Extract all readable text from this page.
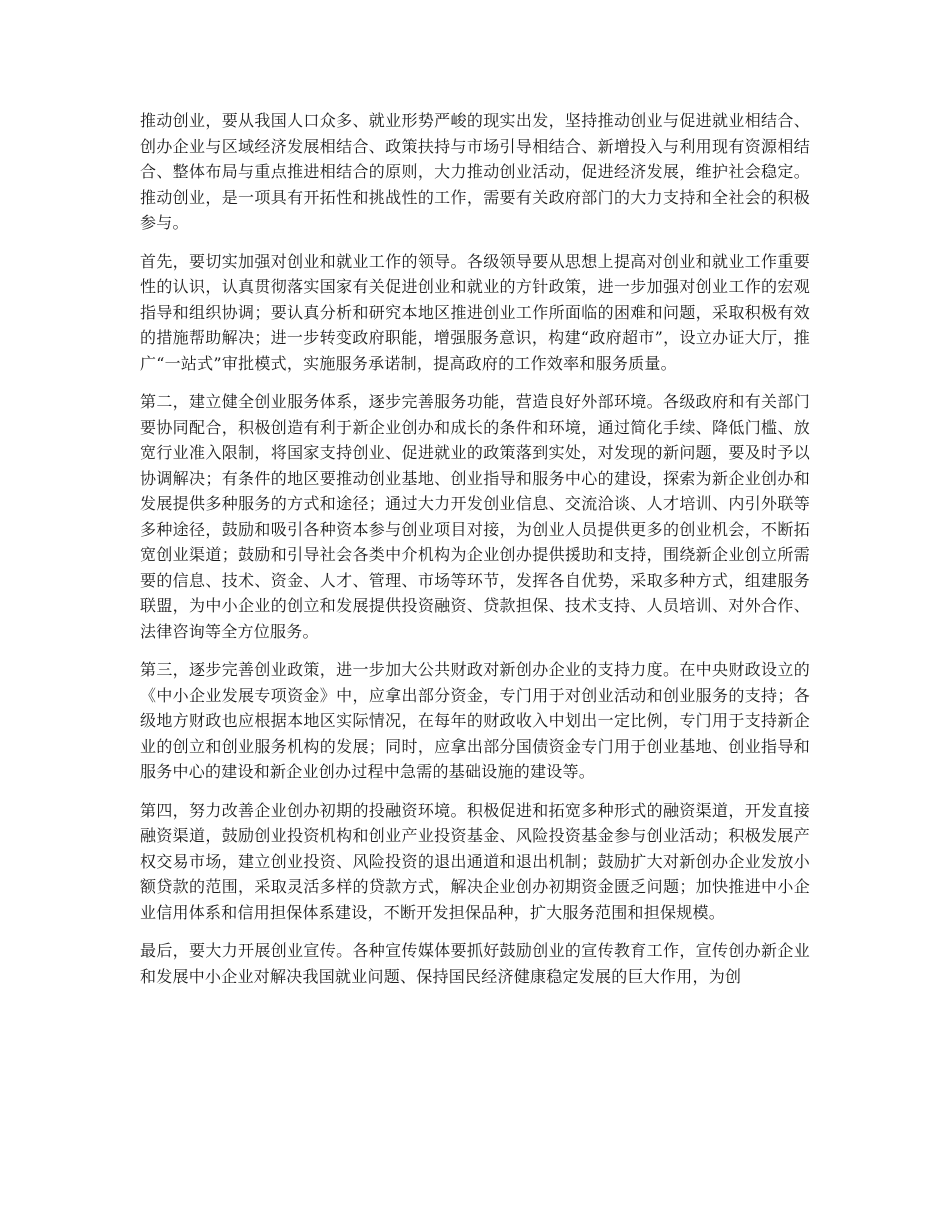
推动创业，要从我国人口众多、就业形势严峻的现实出发，坚持推动创业与促进就业相结合、创办企业与区域经济发展相结合、政策扶持与市场引导相结合、新增投入与利用现有资源相结合、整体布局与重点推进相结合的原则，大力推动创业活动，促进经济发展，维护社会稳定。推动创业，是一项具有开拓性和挑战性的工作，需要有关政府部门的大力支持和全社会的积极参与。

首先，要切实加强对创业和就业工作的领导。各级领导要从思想上提高对创业和就业工作重要性的认识，认真贯彻落实国家有关促进创业和就业的方针政策，进一步加强对创业工作的宏观指导和组织协调；要认真分析和研究本地区推进创业工作所面临的困难和问题，采取积极有效的措施帮助解决；进一步转变政府职能，增强服务意识，构建“政府超市”，设立办证大厅，推广“一站式”审批模式，实施服务承诺制，提高政府的工作效率和服务质量。

第二，建立健全创业服务体系，逐步完善服务功能，营造良好外部环境。各级政府和有关部门要协同配合，积极创造有利于新企业创办和成长的条件和环境，通过简化手续、降低门槛、放宽行业准入限制，将国家支持创业、促进就业的政策落到实处，对发现的新问题，要及时予以协调解决；有条件的地区要推动创业基地、创业指导和服务中心的建设，探索为新企业创办和发展提供多种服务的方式和途径；通过大力开发创业信息、交流洽谈、人才培训、内引外联等多种途径，鼓励和吸引各种资本参与创业项目对接，为创业人员提供更多的创业机会，不断拓宽创业渠道；鼓励和引导社会各类中介机构为企业创办提供援助和支持，围绕新企业创立所需要的信息、技术、资金、人才、管理、市场等环节，发挥各自优势，采取多种方式，组建服务联盟，为中小企业的创立和发展提供投资融资、贷款担保、技术支持、人员培训、对外合作、法律咨询等全方位服务。

第三，逐步完善创业政策，进一步加大公共财政对新创办企业的支持力度。在中央财政设立的《中小企业发展专项资金》中，应拿出部分资金，专门用于对创业活动和创业服务的支持；各级地方财政也应根据本地区实际情况，在每年的财政收入中划出一定比例，专门用于支持新企业的创立和创业服务机构的发展；同时，应拿出部分国债资金专门用于创业基地、创业指导和服务中心的建设和新企业创办过程中急需的基础设施的建设等。

第四，努力改善企业创办初期的投融资环境。积极促进和拓宽多种形式的融资渠道，开发直接融资渠道，鼓励创业投资机构和创业产业投资基金、风险投资基金参与创业活动；积极发展产权交易市场，建立创业投资、风险投资的退出通道和退出机制；鼓励扩大对新创办企业发放小额贷款的范围，采取灵活多样的贷款方式，解决企业创办初期资金匮乏问题；加快推进中小企业信用体系和信用担保体系建设，不断开发担保品种，扩大服务范围和担保规模。

最后，要大力开展创业宣传。各种宣传媒体要抓好鼓励创业的宣传教育工作，宣传创办新企业和发展中小企业对解决我国就业问题、保持国民经济健康稳定发展的巨大作用，为创
